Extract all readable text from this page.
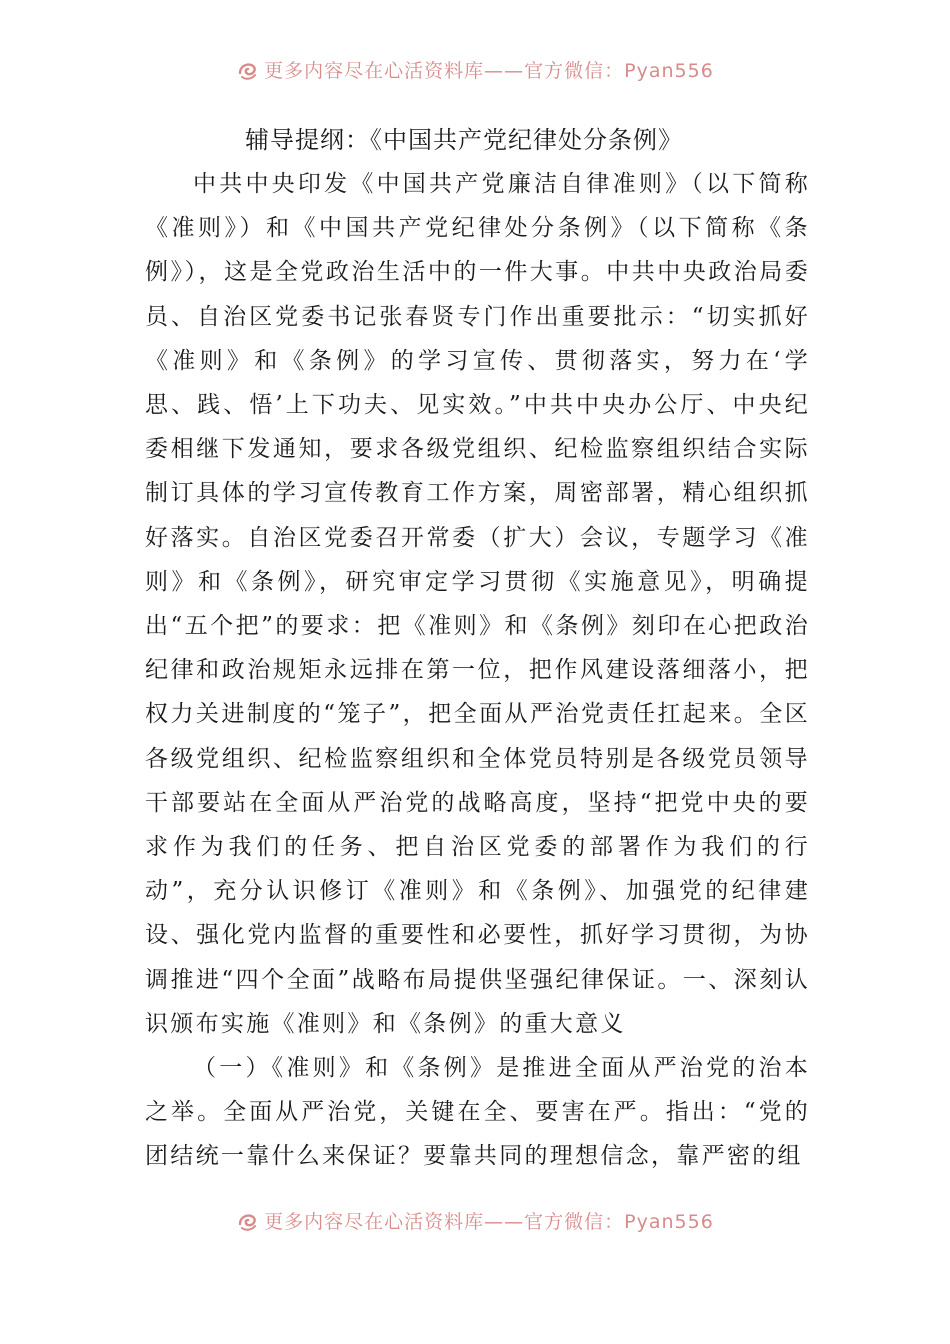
更多内容尽在心活资料库——官方微信：Pyan556
辅导提纲：《中国共产党纪律处分条例》

中共中央印发《中国共产党廉洁自律准则》（以下简称《准则》）和《中国共产党纪律处分条例》（以下简称《条例》），这是全党政治生活中的一件大事。中共中央政治局委员、自治区党委书记张春贤专门作出重要批示：“切实抓好《准则》和《条例》的学习宣传、贯彻落实，努力在‘学思、践、悟’上下功夫、见实效。”中共中央办公厅、中央纪委相继下发通知，要求各级党组织、纪检监察组织结合实际制订具体的学习宣传教育工作方案，周密部署，精心组织抓好落实。自治区党委召开常委（扩大）会议，专题学习《准则》和《条例》，研究审定学习贯彻《实施意见》，明确提出“五个把”的要求：把《准则》和《条例》刻印在心把政治纪律和政治规矩永远排在第一位，把作风建设落细落小，把权力关进制度的“笼子”，把全面从严治党责任扛起来。全区各级党组织、纪检监察组织和全体党员特别是各级党员领导干部要站在全面从严治党的战略高度，坚持“把党中央的要求作为我们的任务、把自治区党委的部署作为我们的行动”，充分认识修订《准则》和《条例》、加强党的纪律建设、强化党内监督的重要性和必要性，抓好学习贯彻，为协调推进“四个全面”战略布局提供坚强纪律保证。一、深刻认识颁布实施《准则》和《条例》的重大意义

（一）《准则》和《条例》是推进全面从严治党的治本之举。全面从严治党，关键在全、要害在严。指出：“党的团结统一靠什么来保证？要靠共同的理想信念，靠严密的组

更多内容尽在心活资料库——官方微信：Pyan556
